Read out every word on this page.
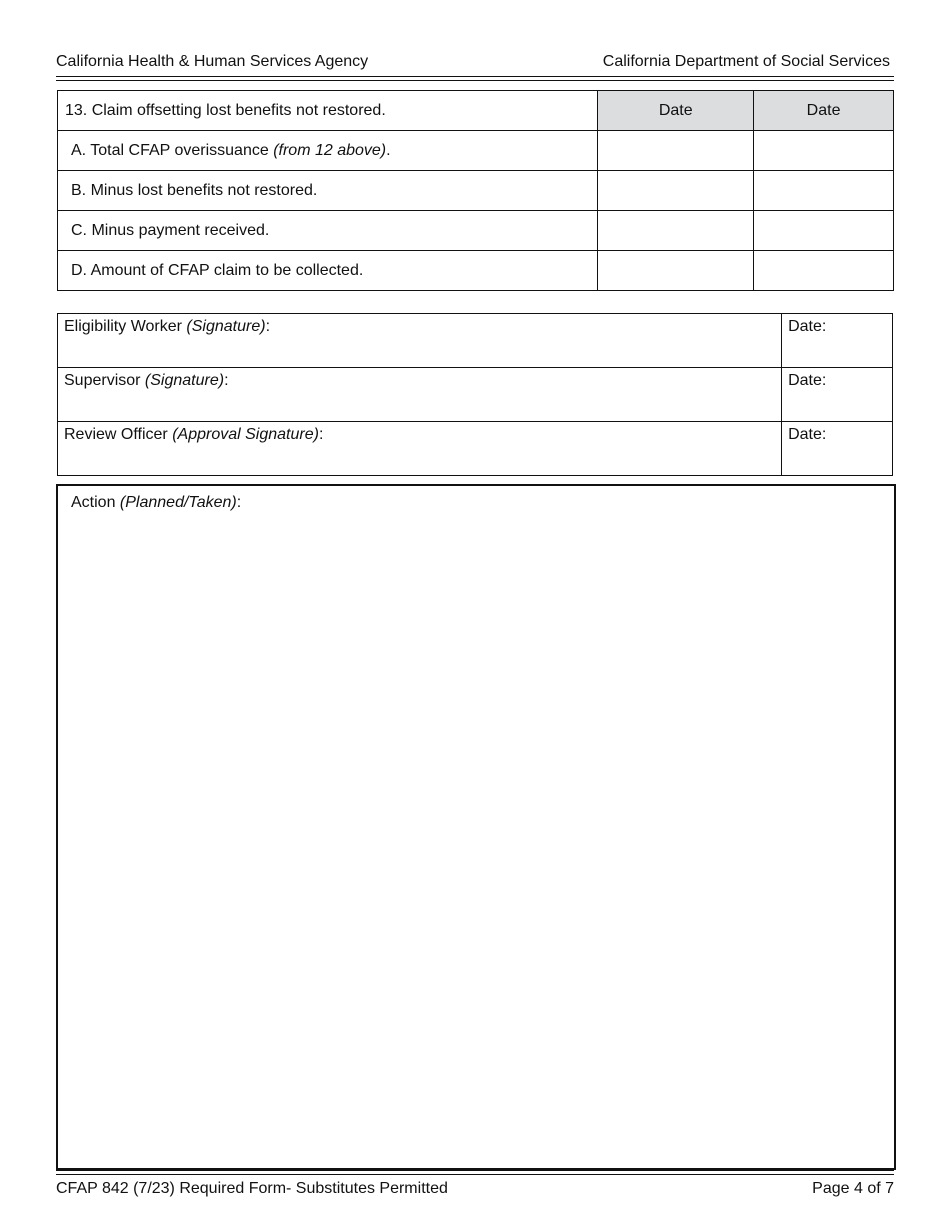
California Health & Human Services Agency	California Department of Social Services
13. Claim offsetting lost benefits not restored.	Date	Date
A. Total CFAP overissuance (from 12 above).		
B. Minus lost benefits not restored.		
C. Minus payment received.		
D. Amount of CFAP claim to be collected.		
Eligibility Worker (Signature):	Date:
Supervisor (Signature):	Date:
Review Officer (Approval Signature):	Date:
Action (Planned/Taken):
CFAP 842 (7/23) Required Form- Substitutes Permitted	Page 4 of 7
